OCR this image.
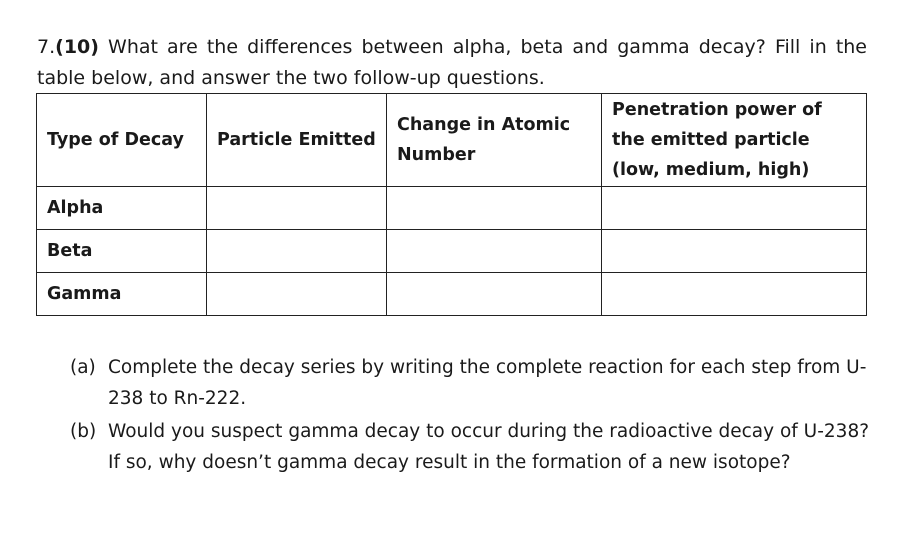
7.(10) What are the differences between alpha, beta and gamma decay? Fill in the table below, and answer the two follow-up questions.
Type of Decay	Particle Emitted	Change in Atomic Number	Penetration power of the emitted particle (low, medium, high)
Alpha			
Beta			
Gamma			
(a) Complete the decay series by writing the complete reaction for each step from U-238 to Rn-222.
(b) Would you suspect gamma decay to occur during the radioactive decay of U-238? If so, why doesn’t gamma decay result in the formation of a new isotope?
